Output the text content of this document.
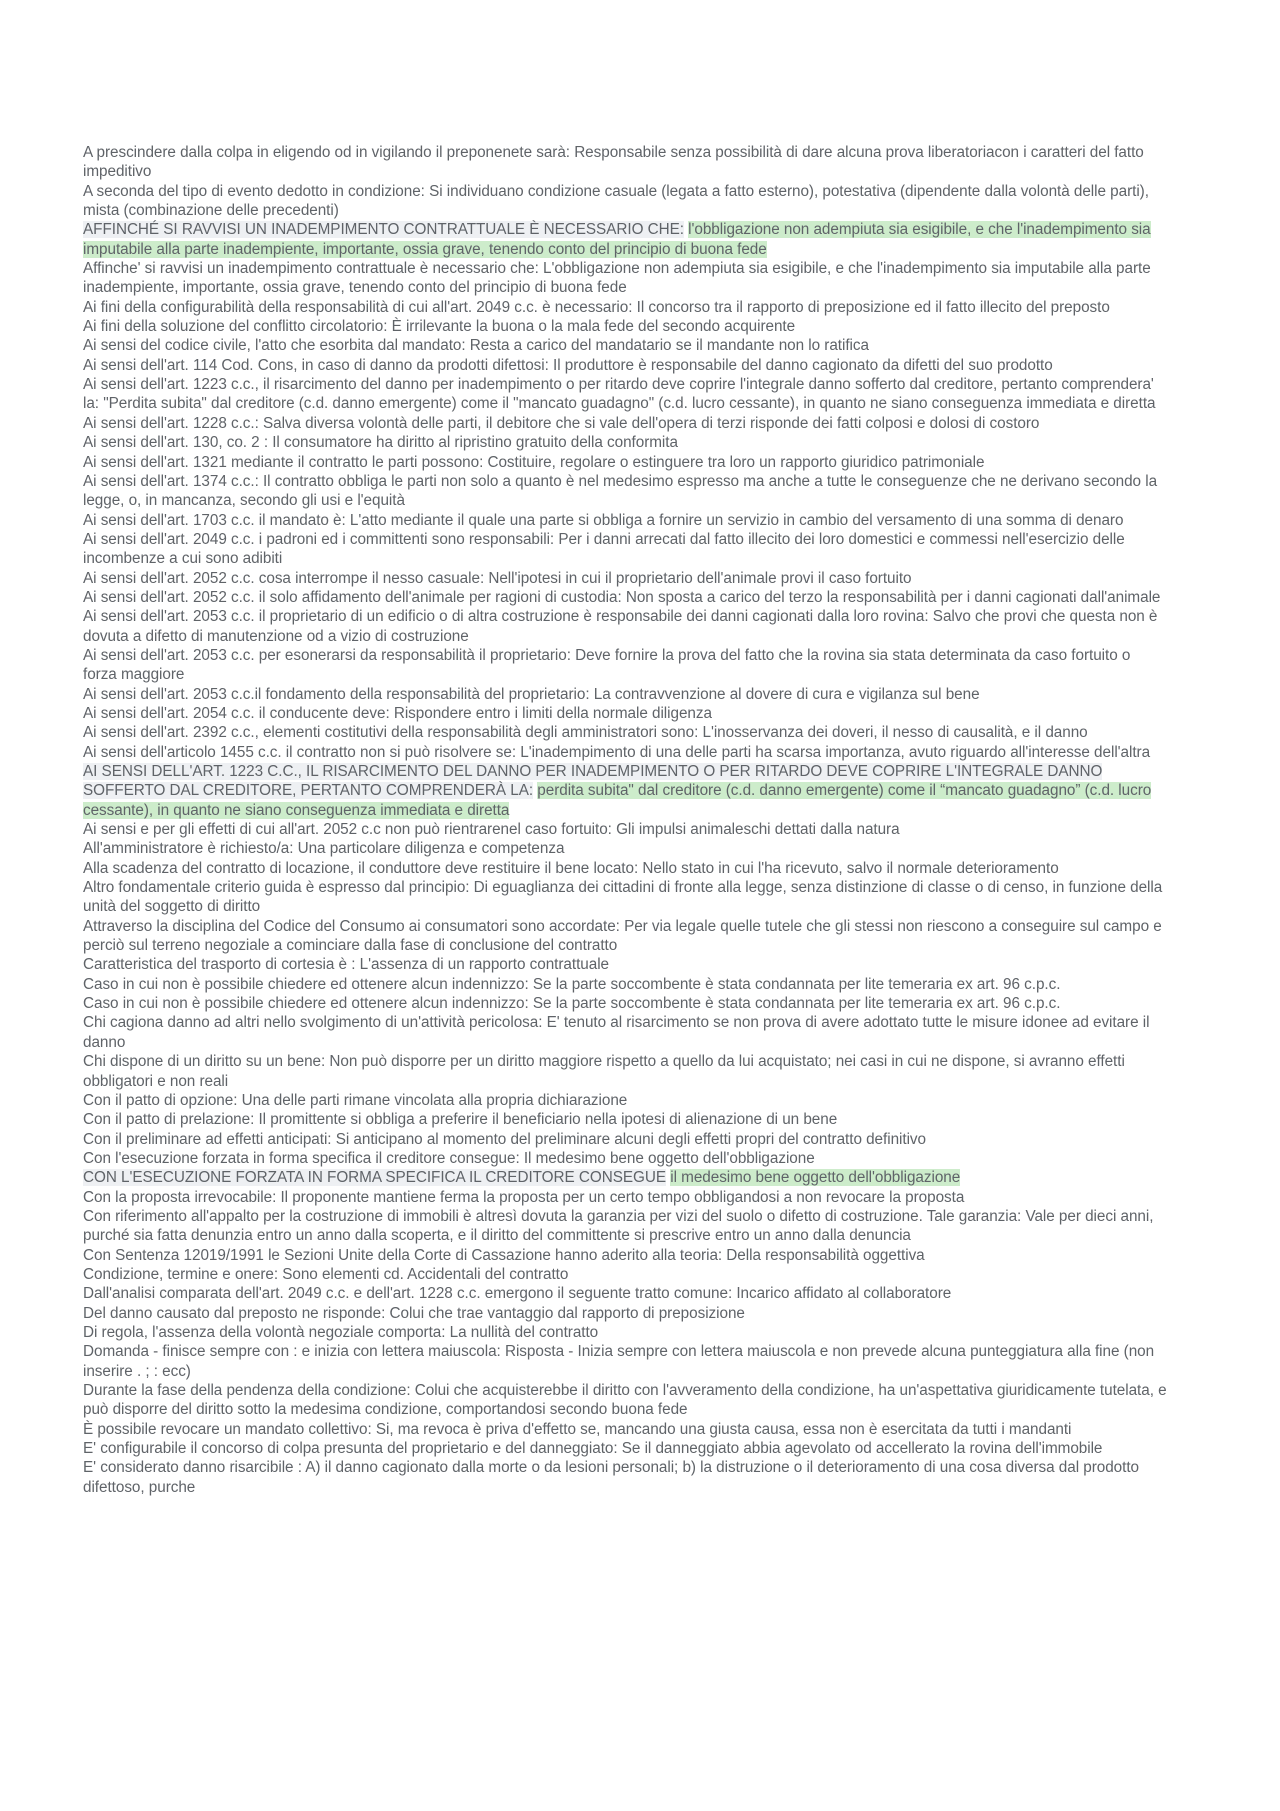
A prescindere dalla colpa in eligendo od in vigilando il preponenete sarà: Responsabile senza possibilità di dare alcuna prova liberatoriacon i caratteri del fatto impeditivo

A seconda del tipo di evento dedotto in condizione: Si individuano condizione casuale (legata a fatto esterno), potestativa (dipendente dalla volontà delle parti), mista (combinazione delle precedenti)

AFFINCHÉ SI RAVVISI UN INADEMPIMENTO CONTRATTUALE È NECESSARIO CHE: l'obbligazione non adempiuta sia esigibile, e che l'inadempimento sia imputabile alla parte inadempiente, importante, ossia grave, tenendo conto del principio di buona fede

Affinche' si ravvisi un inadempimento contrattuale è necessario che: L'obbligazione non adempiuta sia esigibile, e che l'inadempimento sia imputabile alla parte inadempiente, importante, ossia grave, tenendo conto del principio di buona fede

Ai fini della configurabilità della responsabilità di cui all'art. 2049 c.c. è necessario: Il concorso tra il rapporto di preposizione ed il fatto illecito del preposto

Ai fini della soluzione del conflitto circolatorio: È irrilevante la buona o la mala fede del secondo acquirente

Ai sensi del codice civile, l'atto che esorbita dal mandato: Resta a carico del mandatario se il mandante non lo ratifica

Ai sensi dell'art. 114 Cod. Cons, in caso di danno da prodotti difettosi: Il produttore è responsabile del danno cagionato da difetti del suo prodotto

Ai sensi dell'art. 1223 c.c., il risarcimento del danno per inadempimento o per ritardo deve coprire l'integrale danno sofferto dal creditore, pertanto comprendera' la: "Perdita subita" dal creditore (c.d. danno emergente) come il "mancato guadagno" (c.d. lucro cessante), in quanto ne siano conseguenza immediata e diretta

Ai sensi dell'art. 1228 c.c.: Salva diversa volontà delle parti, il debitore che si vale dell'opera di terzi risponde dei fatti colposi e dolosi di costoro

Ai sensi dell'art. 130, co. 2 : Il consumatore ha diritto al ripristino gratuito della conformita

Ai sensi dell'art. 1321 mediante il contratto le parti possono: Costituire, regolare o estinguere tra loro un rapporto giuridico patrimoniale

Ai sensi dell'art. 1374 c.c.: Il contratto obbliga le parti non solo a quanto è nel medesimo espresso ma anche a tutte le conseguenze che ne derivano secondo la legge, o, in mancanza, secondo gli usi e l'equità

Ai sensi dell'art. 1703 c.c. il mandato è: L'atto mediante il quale una parte si obbliga a fornire un servizio in cambio del versamento di una somma di denaro

Ai sensi dell'art. 2049 c.c. i padroni ed i committenti sono responsabili: Per i danni arrecati dal fatto illecito dei loro domestici e commessi nell'esercizio delle incombenze a cui sono adibiti

Ai sensi dell'art. 2052 c.c. cosa interrompe il nesso casuale: Nell'ipotesi in cui il proprietario dell'animale provi il caso fortuito

Ai sensi dell'art. 2052 c.c. il solo affidamento dell'animale per ragioni di custodia: Non sposta a carico del terzo la responsabilità per i danni cagionati dall'animale

Ai sensi dell'art. 2053 c.c. il proprietario di un edificio o di altra costruzione è responsabile dei danni cagionati dalla loro rovina: Salvo che provi che questa non è dovuta a difetto di manutenzione od a vizio di costruzione

Ai sensi dell'art. 2053 c.c. per esonerarsi da responsabilità il proprietario: Deve fornire la prova del fatto che la rovina sia stata determinata da caso fortuito o forza maggiore

Ai sensi dell'art. 2053 c.c.il fondamento della responsabilità del proprietario: La contravvenzione al dovere di cura e vigilanza sul bene

Ai sensi dell'art. 2054 c.c. il conducente deve: Rispondere entro i limiti della normale diligenza

Ai sensi dell'art. 2392 c.c., elementi costitutivi della responsabilità degli amministratori sono: L'inosservanza dei doveri, il nesso di causalità, e il danno

Ai sensi dell'articolo 1455 c.c. il contratto non si può risolvere se: L'inadempimento di una delle parti ha scarsa importanza, avuto riguardo all'interesse dell'altra

AI SENSI DELL'ART. 1223 C.C., IL RISARCIMENTO DEL DANNO PER INADEMPIMENTO O PER RITARDO DEVE COPRIRE L'INTEGRALE DANNO SOFFERTO DAL CREDITORE, PERTANTO COMPRENDERÀ LA: perdita subita" dal creditore (c.d. danno emergente) come il “mancato guadagno” (c.d. lucro cessante), in quanto ne siano conseguenza immediata e diretta

Ai sensi e per gli effetti di cui all'art. 2052 c.c non può rientrarenel caso fortuito: Gli impulsi animaleschi dettati dalla natura

All'amministratore è richiesto/a: Una particolare diligenza e competenza

Alla scadenza del contratto di locazione, il conduttore deve restituire il bene locato: Nello stato in cui l'ha ricevuto, salvo il normale deterioramento

Altro fondamentale criterio guida è espresso dal principio: Di eguaglianza dei cittadini di fronte alla legge, senza distinzione di classe o di censo, in funzione della unità del soggetto di diritto

Attraverso la disciplina del Codice del Consumo ai consumatori sono accordate: Per via legale quelle tutele che gli stessi non riescono a conseguire sul campo e perciò sul terreno negoziale a cominciare dalla fase di conclusione del contratto

Caratteristica del trasporto di cortesia è : L'assenza di un rapporto contrattuale

Caso in cui non è possibile chiedere ed ottenere alcun indennizzo: Se la parte soccombente è stata condannata per lite temeraria ex art. 96 c.p.c.

Caso in cui non è possibile chiedere ed ottenere alcun indennizzo: Se la parte soccombente è stata condannata per lite temeraria ex art. 96 c.p.c.

Chi cagiona danno ad altri nello svolgimento di un'attività pericolosa: E' tenuto al risarcimento se non prova di avere adottato tutte le misure idonee ad evitare il danno

Chi dispone di un diritto su un bene: Non può disporre per un diritto maggiore rispetto a quello da lui acquistato; nei casi in cui ne dispone, si avranno effetti obbligatori e non reali

Con il patto di opzione: Una delle parti rimane vincolata alla propria dichiarazione

Con il patto di prelazione: Il promittente si obbliga a preferire il beneficiario nella ipotesi di alienazione di un bene

Con il preliminare ad effetti anticipati: Si anticipano al momento del preliminare alcuni degli effetti propri del contratto definitivo

Con l'esecuzione forzata in forma specifica il creditore consegue: Il medesimo bene oggetto dell'obbligazione

CON L'ESECUZIONE FORZATA IN FORMA SPECIFICA IL CREDITORE CONSEGUE il medesimo bene oggetto dell'obbligazione

Con la proposta irrevocabile: Il proponente mantiene ferma la proposta per un certo tempo obbligandosi a non revocare la proposta

Con riferimento all'appalto per la costruzione di immobili è altresì dovuta la garanzia per vizi del suolo o difetto di costruzione. Tale garanzia: Vale per dieci anni, purché sia fatta denunzia entro un anno dalla scoperta, e il diritto del committente si prescrive entro un anno dalla denuncia

Con Sentenza 12019/1991 le Sezioni Unite della Corte di Cassazione hanno aderito alla teoria: Della responsabilità oggettiva

Condizione, termine e onere: Sono elementi cd. Accidentali del contratto

Dall'analisi comparata dell'art. 2049 c.c. e dell'art. 1228 c.c. emergono il seguente tratto comune: Incarico affidato al collaboratore

Del danno causato dal preposto ne risponde: Colui che trae vantaggio dal rapporto di preposizione

Di regola, l'assenza della volontà negoziale comporta: La nullità del contratto

Domanda - finisce sempre con : e inizia con lettera maiuscola: Risposta - Inizia sempre con lettera maiuscola e non prevede alcuna punteggiatura alla fine (non inserire . ; : ecc)

Durante la fase della pendenza della condizione: Colui che acquisterebbe il diritto con l'avveramento della condizione, ha un'aspettativa giuridicamente tutelata, e può disporre del diritto sotto la medesima condizione, comportandosi secondo buona fede

È possibile revocare un mandato collettivo: Si, ma revoca è priva d'effetto se, mancando una giusta causa, essa non è esercitata da tutti i mandanti

E' configurabile il concorso di colpa presunta del proprietario e del danneggiato: Se il danneggiato abbia agevolato od accellerato la rovina dell'immobile

E' considerato danno risarcibile : A) il danno cagionato dalla morte o da lesioni personali; b) la distruzione o il deterioramento di una cosa diversa dal prodotto difettoso, purche
